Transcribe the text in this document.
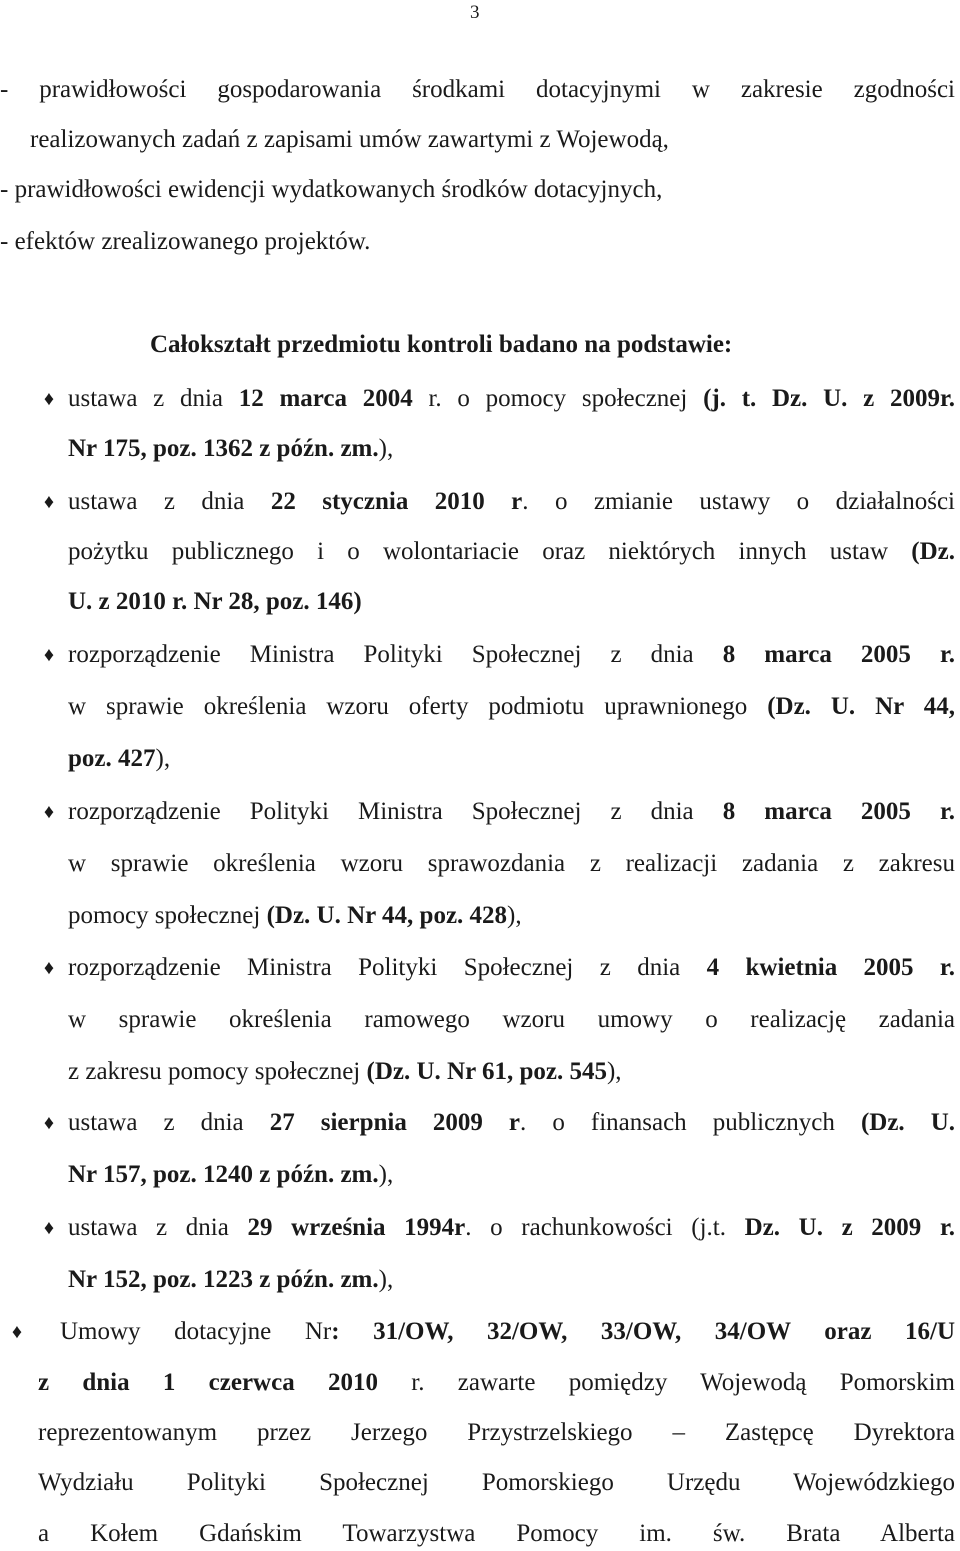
3
- prawidłowości gospodarowania środkami dotacyjnymi w zakresie zgodności
realizowanych zadań z zapisami umów zawartymi z Wojewodą,
- prawidłowości ewidencji wydatkowanych środków dotacyjnych,
- efektów zrealizowanego projektów.
Całokształt przedmiotu kontroli badano na podstawie:
♦ ustawa z dnia 12 marca 2004 r. o pomocy społecznej (j. t. Dz. U. z 2009r.
Nr 175, poz. 1362 z późn. zm.),
♦ ustawa z dnia 22 stycznia 2010 r. o zmianie ustawy o działalności
pożytku publicznego i o wolontariacie oraz niektórych innych ustaw (Dz.
U. z 2010 r. Nr 28, poz. 146)
♦ rozporządzenie Ministra Polityki Społecznej z dnia 8 marca 2005 r.
w sprawie określenia wzoru oferty podmiotu uprawnionego (Dz. U. Nr 44,
poz. 427),
♦ rozporządzenie Polityki Ministra Społecznej z dnia 8 marca 2005 r.
w sprawie określenia wzoru sprawozdania z realizacji zadania z zakresu
pomocy społecznej (Dz. U. Nr 44, poz. 428),
♦ rozporządzenie Ministra Polityki Społecznej z dnia 4 kwietnia 2005 r.
w sprawie określenia ramowego wzoru umowy o realizację zadania
z zakresu pomocy społecznej (Dz. U. Nr 61, poz. 545),
♦ ustawa z dnia 27 sierpnia 2009 r. o finansach publicznych (Dz. U.
Nr 157, poz. 1240 z późn. zm.),
♦ ustawa z dnia 29 września 1994r. o rachunkowości (j.t. Dz. U. z 2009 r.
Nr 152, poz. 1223 z późn. zm.),
♦	Umowy dotacyjne Nr: 31/OW, 32/OW, 33/OW, 34/OW oraz 16/U
z dnia 1 czerwca 2010 r. zawarte pomiędzy Wojewodą Pomorskim
reprezentowanym przez Jerzego Przystrzelskiego – Zastępcę Dyrektora
Wydziału Polityki Społecznej Pomorskiego Urzędu Wojewódzkiego
a Kołem Gdańskim Towarzystwa Pomocy im. św. Brata Alberta
